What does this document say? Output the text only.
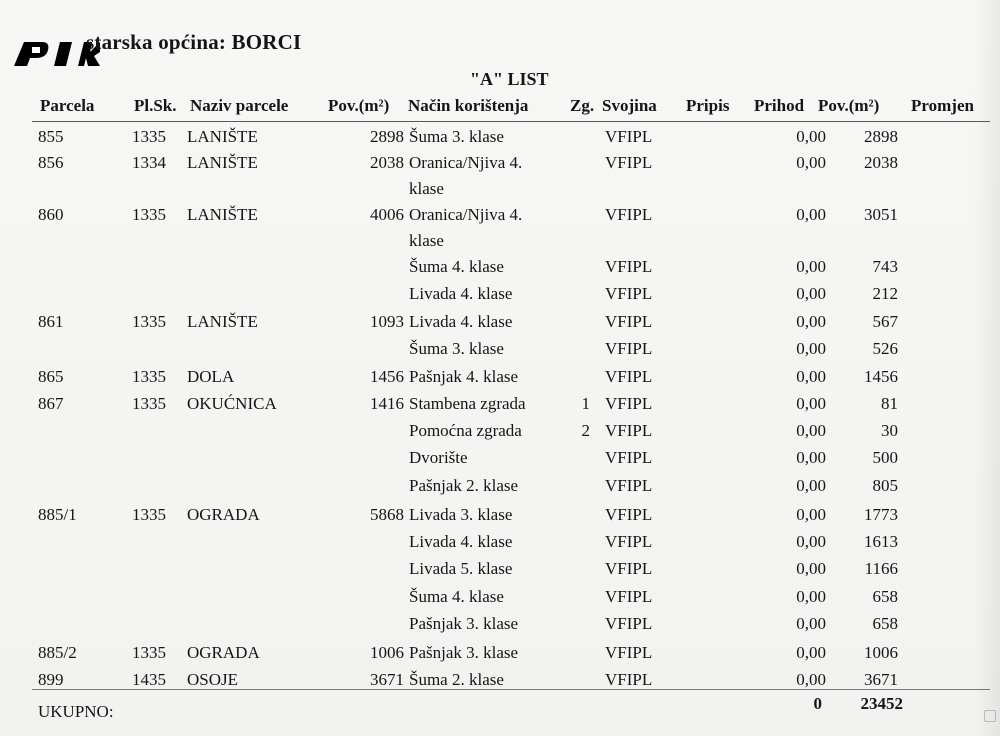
starska općina: BORCI
"A" LIST
Parcela Pl.Sk. Naziv parcele Pov.(m²) Način korištenja Zg. Svojina Pripis Prihod Pov.(m²) Promjen
855	1335	LANIŠTE	2898 Šuma 3. klase	VFIPL	0,00	2898
856	1334	LANIŠTE	2038 Oranica/Njiva 4.	VFIPL	0,00	2038
klase
860	1335	LANIŠTE	4006 Oranica/Njiva 4.	VFIPL	0,00	3051
klase
Šuma 4. klase	VFIPL	0,00	743
Livada 4. klase	VFIPL	0,00	212
861	1335	LANIŠTE	1093 Livada 4. klase	VFIPL	0,00	567
Šuma 3. klase	VFIPL	0,00	526
865	1335	DOLA	1456 Pašnjak 4. klase	VFIPL	0,00	1456
867	1335	OKUĆNICA	1416 Stambena zgrada	1 VFIPL	0,00	81
Pomoćna zgrada	2 VFIPL	0,00	30
Dvorište	VFIPL	0,00	500
Pašnjak 2. klase	VFIPL	0,00	805
885/1	1335	OGRADA	5868 Livada 3. klase	VFIPL	0,00	1773
Livada 4. klase	VFIPL	0,00	1613
Livada 5. klase	VFIPL	0,00	1166
Šuma 4. klase	VFIPL	0,00	658
Pašnjak 3. klase	VFIPL	0,00	658
885/2	1335	OGRADA	1006 Pašnjak 3. klase	VFIPL	0,00	1006
899	1435	OSOJE	3671 Šuma 2. klase	VFIPL	0,00	3671
UKUPNO:	0	23452
